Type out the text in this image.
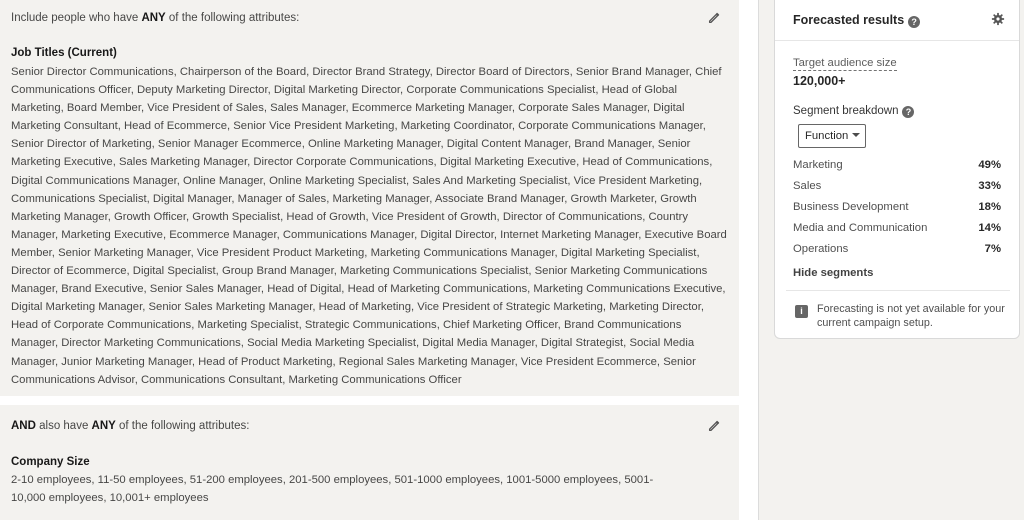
Include people who have ANY of the following attributes:
Job Titles (Current)
Senior Director Communications, Chairperson of the Board, Director Brand Strategy, Director Board of Directors, Senior Brand Manager, Chief Communications Officer, Deputy Marketing Director, Digital Marketing Director, Corporate Communications Specialist, Head of Global Marketing, Board Member, Vice President of Sales, Sales Manager, Ecommerce Marketing Manager, Corporate Sales Manager, Digital Marketing Consultant, Head of Ecommerce, Senior Vice President Marketing, Marketing Coordinator, Corporate Communications Manager, Senior Director of Marketing, Senior Manager Ecommerce, Online Marketing Manager, Digital Content Manager, Brand Manager, Senior Marketing Executive, Sales Marketing Manager, Director Corporate Communications, Digital Marketing Executive, Head of Communications, Digital Communications Manager, Online Manager, Online Marketing Specialist, Sales And Marketing Specialist, Vice President Marketing, Communications Specialist, Digital Manager, Manager of Sales, Marketing Manager, Associate Brand Manager, Growth Marketer, Growth Marketing Manager, Growth Officer, Growth Specialist, Head of Growth, Vice President of Growth, Director of Communications, Country Manager, Marketing Executive, Ecommerce Manager, Communications Manager, Digital Director, Internet Marketing Manager, Executive Board Member, Senior Marketing Manager, Vice President Product Marketing, Marketing Communications Manager, Digital Marketing Specialist, Director of Ecommerce, Digital Specialist, Group Brand Manager, Marketing Communications Specialist, Senior Marketing Communications Manager, Brand Executive, Senior Sales Manager, Head of Digital, Head of Marketing Communications, Marketing Communications Executive, Digital Marketing Manager, Senior Sales Marketing Manager, Head of Marketing, Vice President of Strategic Marketing, Marketing Director, Head of Corporate Communications, Marketing Specialist, Strategic Communications, Chief Marketing Officer, Brand Communications Manager, Director Marketing Communications, Social Media Marketing Specialist, Digital Media Manager, Digital Strategist, Social Media Manager, Junior Marketing Manager, Head of Product Marketing, Regional Sales Marketing Manager, Vice President Ecommerce, Senior Communications Advisor, Communications Consultant, Marketing Communications Officer
AND also have ANY of the following attributes:
Company Size
2-10 employees, 11-50 employees, 51-200 employees, 201-500 employees, 501-1000 employees, 1001-5000 employees, 5001-10,000 employees, 10,001+ employees
Forecasted results ?
Target audience size
120,000+
Segment breakdown ?
Function
Marketing	49%
Sales	33%
Business Development	18%
Media and Communication	14%
Operations	7%
Hide segments
i	Forecasting is not yet available for your current campaign setup.
